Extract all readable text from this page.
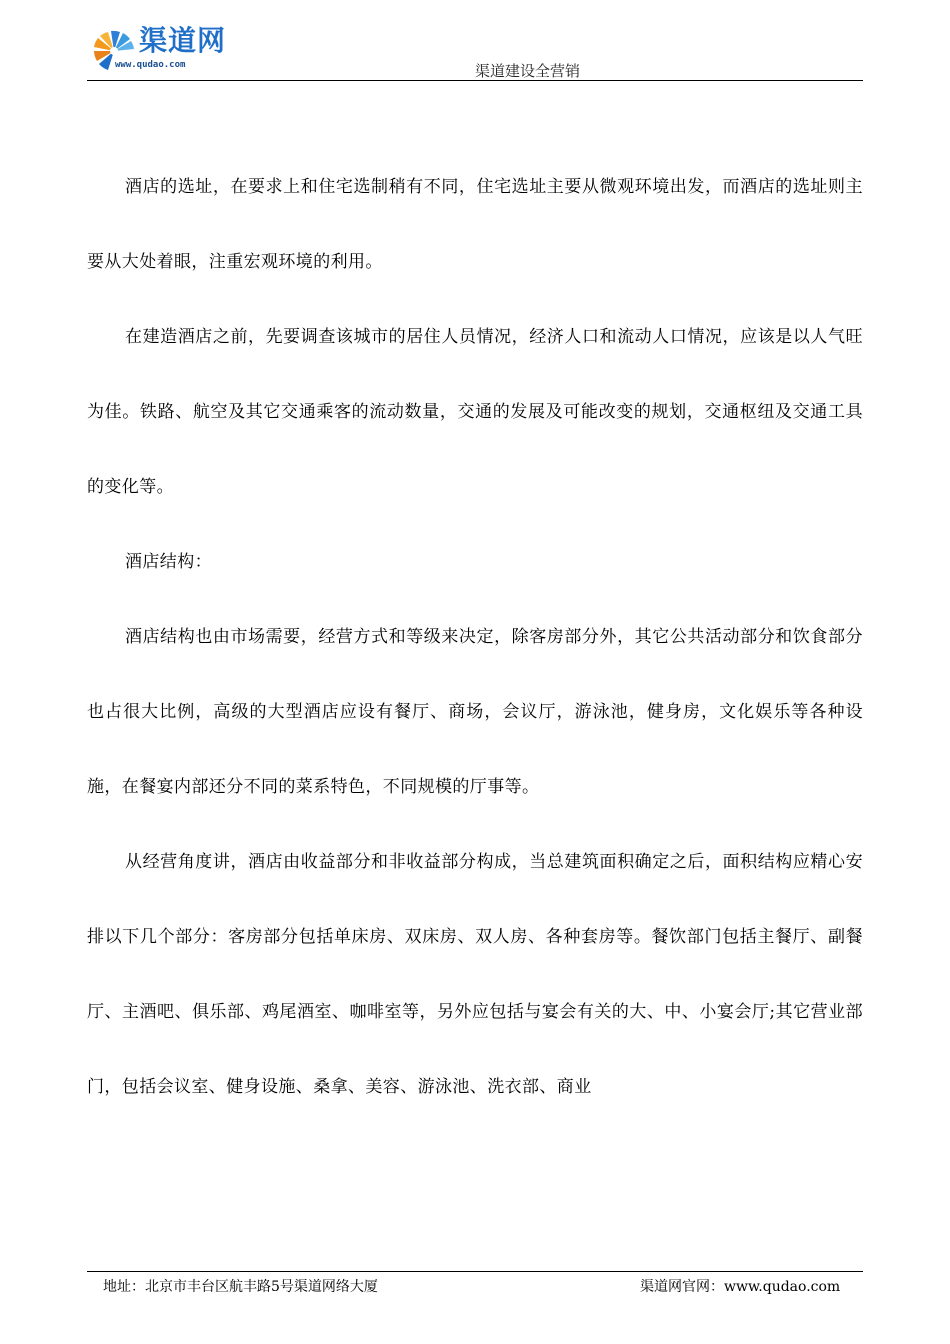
渠道网
www.qudao.com	渠道建设全营销

酒店的选址，在要求上和住宅选制稍有不同，住宅选址主要从微观环境出发，而酒店的选址则主要从大处着眼，注重宏观环境的利用。

在建造酒店之前，先要调查该城市的居住人员情况，经济人口和流动人口情况，应该是以人气旺为佳。铁路、航空及其它交通乘客的流动数量，交通的发展及可能改变的规划，交通枢纽及交通工具的变化等。

酒店结构：

酒店结构也由市场需要，经营方式和等级来决定，除客房部分外，其它公共活动部分和饮食部分也占很大比例，高级的大型酒店应设有餐厅、商场，会议厅，游泳池，健身房，文化娱乐等各种设施，在餐宴内部还分不同的菜系特色，不同规模的厅事等。

从经营角度讲，酒店由收益部分和非收益部分构成，当总建筑面积确定之后，面积结构应精心安排以下几个部分：客房部分包括单床房、双床房、双人房、各种套房等。餐饮部门包括主餐厅、副餐厅、主酒吧、俱乐部、鸡尾酒室、咖啡室等，另外应包括与宴会有关的大、中、小宴会厅;其它营业部门，包括会议室、健身设施、桑拿、美容、游泳池、洗衣部、商业

地址：北京市丰台区航丰路5号渠道网络大厦	渠道网官网：www.qudao.com
